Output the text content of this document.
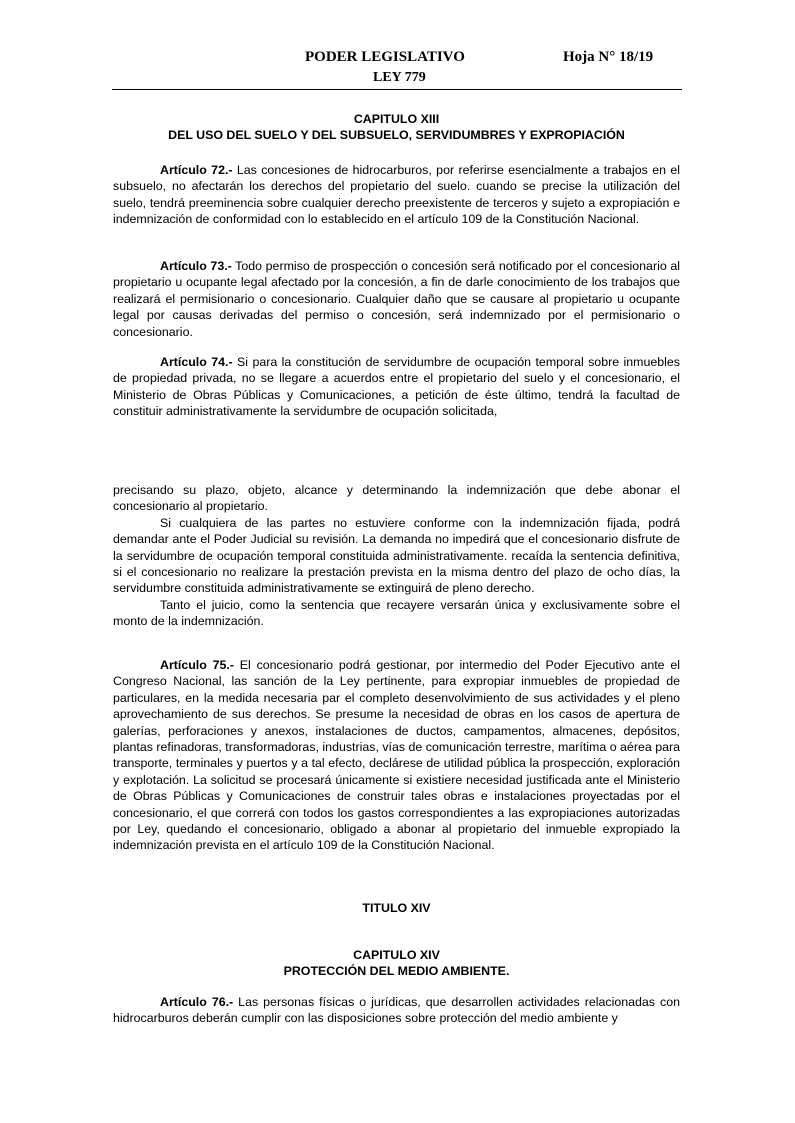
PODER LEGISLATIVO	Hoja N° 18/19
LEY 779
CAPITULO XIII
DEL USO DEL SUELO Y DEL SUBSUELO, SERVIDUMBRES Y EXPROPIACIÓN

Artículo 72.- Las concesiones de hidrocarburos, por referirse esencialmente a trabajos en el subsuelo, no afectarán los derechos del propietario del suelo. cuando se precise la utilización del suelo, tendrá preeminencia sobre cualquier derecho preexistente de terceros y sujeto a expropiación e indemnización de conformidad con lo establecido en el artículo 109 de la Constitución Nacional.

Artículo 73.- Todo permiso de prospección o concesión será notificado por el concesionario al propietario u ocupante legal afectado por la concesión, a fin de darle conocimiento de los trabajos que realizará el permisionario o concesionario. Cualquier daño que se causare al propietario u ocupante legal por causas derivadas del permiso o concesión, será indemnizado por el permisionario o concesionario.

Artículo 74.- Si para la constitución de servidumbre de ocupación temporal sobre inmuebles de propiedad privada, no se llegare a acuerdos entre el propietario del suelo y el concesionario, el Ministerio de Obras Públicas y Comunicaciones, a petición de éste último, tendrá la facultad de constituir administrativamente la servidumbre de ocupación solicitada,

precisando su plazo, objeto, alcance y determinando la indemnización que debe abonar el concesionario al propietario.

Si cualquiera de las partes no estuviere conforme con la indemnización fijada, podrá demandar ante el Poder Judicial su revisión. La demanda no impedirá que el concesionario disfrute de la servidumbre de ocupación temporal constituida administrativamente. recaída la sentencia definitiva, si el concesionario no realizare la prestación prevista en la misma dentro del plazo de ocho días, la servidumbre constituida administrativamente se extinguirá de pleno derecho.

Tanto el juicio, como la sentencia que recayere versarán única y exclusivamente sobre el monto de la indemnización.

Artículo 75.- El concesionario podrá gestionar, por intermedio del Poder Ejecutivo ante el Congreso Nacional, las sanción de la Ley pertinente, para expropiar inmuebles de propiedad de particulares, en la medida necesaria par el completo desenvolvimiento de sus actividades y el pleno aprovechamiento de sus derechos. Se presume la necesidad de obras en los casos de apertura de galerías, perforaciones y anexos, instalaciones de ductos, campamentos, almacenes, depósitos, plantas refinadoras, transformadoras, industrias, vías de comunicación terrestre, marítima o aérea para transporte, terminales y puertos y a tal efecto, declárese de utilidad pública la prospección, exploración y explotación. La solicitud se procesará únicamente si existiere necesidad justificada ante el Ministerio de Obras Públicas y Comunicaciones de construir tales obras e instalaciones proyectadas por el concesionario, el que correrá con todos los gastos correspondientes a las expropiaciones autorizadas por Ley, quedando el concesionario, obligado a abonar al propietario del inmueble expropiado la indemnización prevista en el artículo 109 de la Constitución Nacional.

TITULO XIV
CAPITULO XIV
PROTECCIÓN DEL MEDIO AMBIENTE.

Artículo 76.- Las personas físicas o jurídicas, que desarrollen actividades relacionadas con hidrocarburos deberán cumplir con las disposiciones sobre protección del medio ambiente y
